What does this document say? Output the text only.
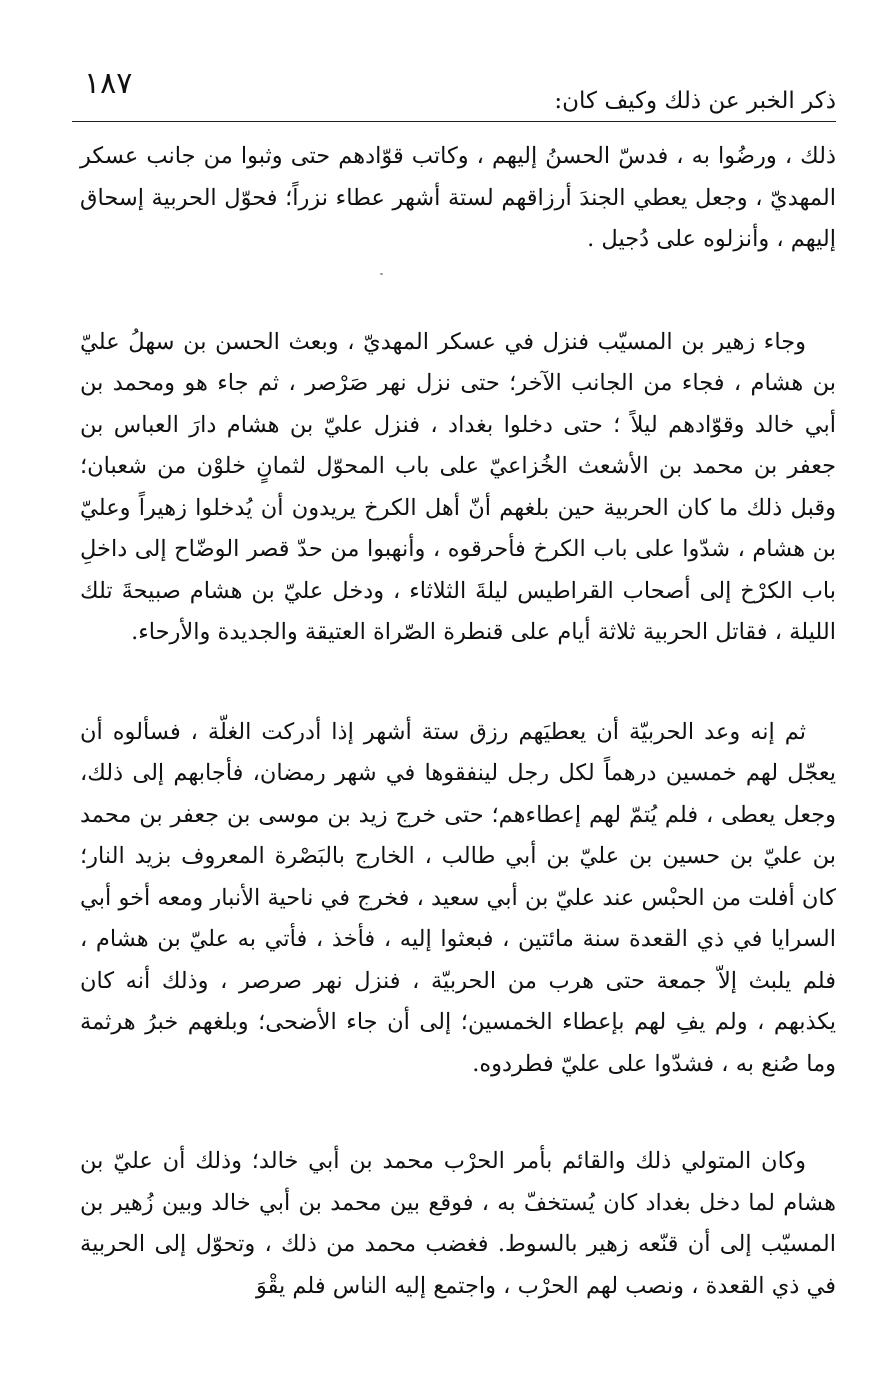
١٨٧	ذكر الخبر عن ذلك وكيف كان:

ذلك ، ورضُوا به ، فدسّ الحسنُ إليهم ، وكاتب قوّادهم حتى وثبوا من جانب عسكر المهديّ ، وجعل يعطي الجندَ أرزاقهم لستة أشهر عطاء نزراً؛ فحوّل الحربية إسحاق إليهم ، وأنزلوه على دُجيل .

وجاء زهير بن المسيّب فنزل في عسكر المهديّ ، وبعث الحسن بن سهلُ عليّ بن هشام ، فجاء من الجانب الآخر؛ حتى نزل نهر صَرْصر ، ثم جاء هو ومحمد بن أبي خالد وقوّادهم ليلاً ؛ حتى دخلوا بغداد ، فنزل عليّ بن هشام دارَ العباس بن جعفر بن محمد بن الأشعث الخُزاعيّ على باب المحوّل لثمانٍ خلوْن من شعبان؛ وقبل ذلك ما كان الحربية حين بلغهم أنّ أهل الكرخ يريدون أن يُدخلوا زهيراً وعليّ بن هشام ، شدّوا على باب الكرخ فأحرقوه ، وأنهبوا من حدّ قصر الوضّاح إلى داخلِ باب الكرْخ إلى أصحاب القراطيس ليلةَ الثلاثاء ، ودخل عليّ بن هشام صبيحةَ تلك الليلة ، فقاتل الحربية ثلاثة أيام على قنطرة الصّراة العتيقة والجديدة والأرحاء.

ثم إنه وعد الحربيّة أن يعطيَهم رزق ستة أشهر إذا أدركت الغلّة ، فسألوه أن يعجّل لهم خمسين درهماً لكل رجل لينفقوها في شهر رمضان، فأجابهم إلى ذلك، وجعل يعطى ، فلم يُتمّ لهم إعطاءهم؛ حتى خرج زيد بن موسى بن جعفر بن محمد بن عليّ بن حسين بن عليّ بن أبي طالب ، الخارج بالبَصْرة المعروف بزيد النار؛ كان أفلت من الحبْس عند عليّ بن أبي سعيد ، فخرج في ناحية الأنبار ومعه أخو أبي السرايا في ذي القعدة سنة مائتين ، فبعثوا إليه ، فأخذ ، فأتي به عليّ بن هشام ، فلم يلبث إلاّ جمعة حتى هرب من الحربيّة ، فنزل نهر صرصر ، وذلك أنه كان يكذبهم ، ولم يفِ لهم بإعطاء الخمسين؛ إلى أن جاء الأضحى؛ وبلغهم خبرُ هرثمة وما صُنع به ، فشدّوا على عليّ فطردوه.

وكان المتولي ذلك والقائم بأمر الحرْب محمد بن أبي خالد؛ وذلك أن عليّ بن هشام لما دخل بغداد كان يُستخفّ به ، فوقع بين محمد بن أبي خالد وبين زُهير بن المسيّب إلى أن قنّعه زهير بالسوط. فغضب محمد من ذلك ، وتحوّل إلى الحربية في ذي القعدة ، ونصب لهم الحرْب ، واجتمع إليه الناس فلم يقْوَ
